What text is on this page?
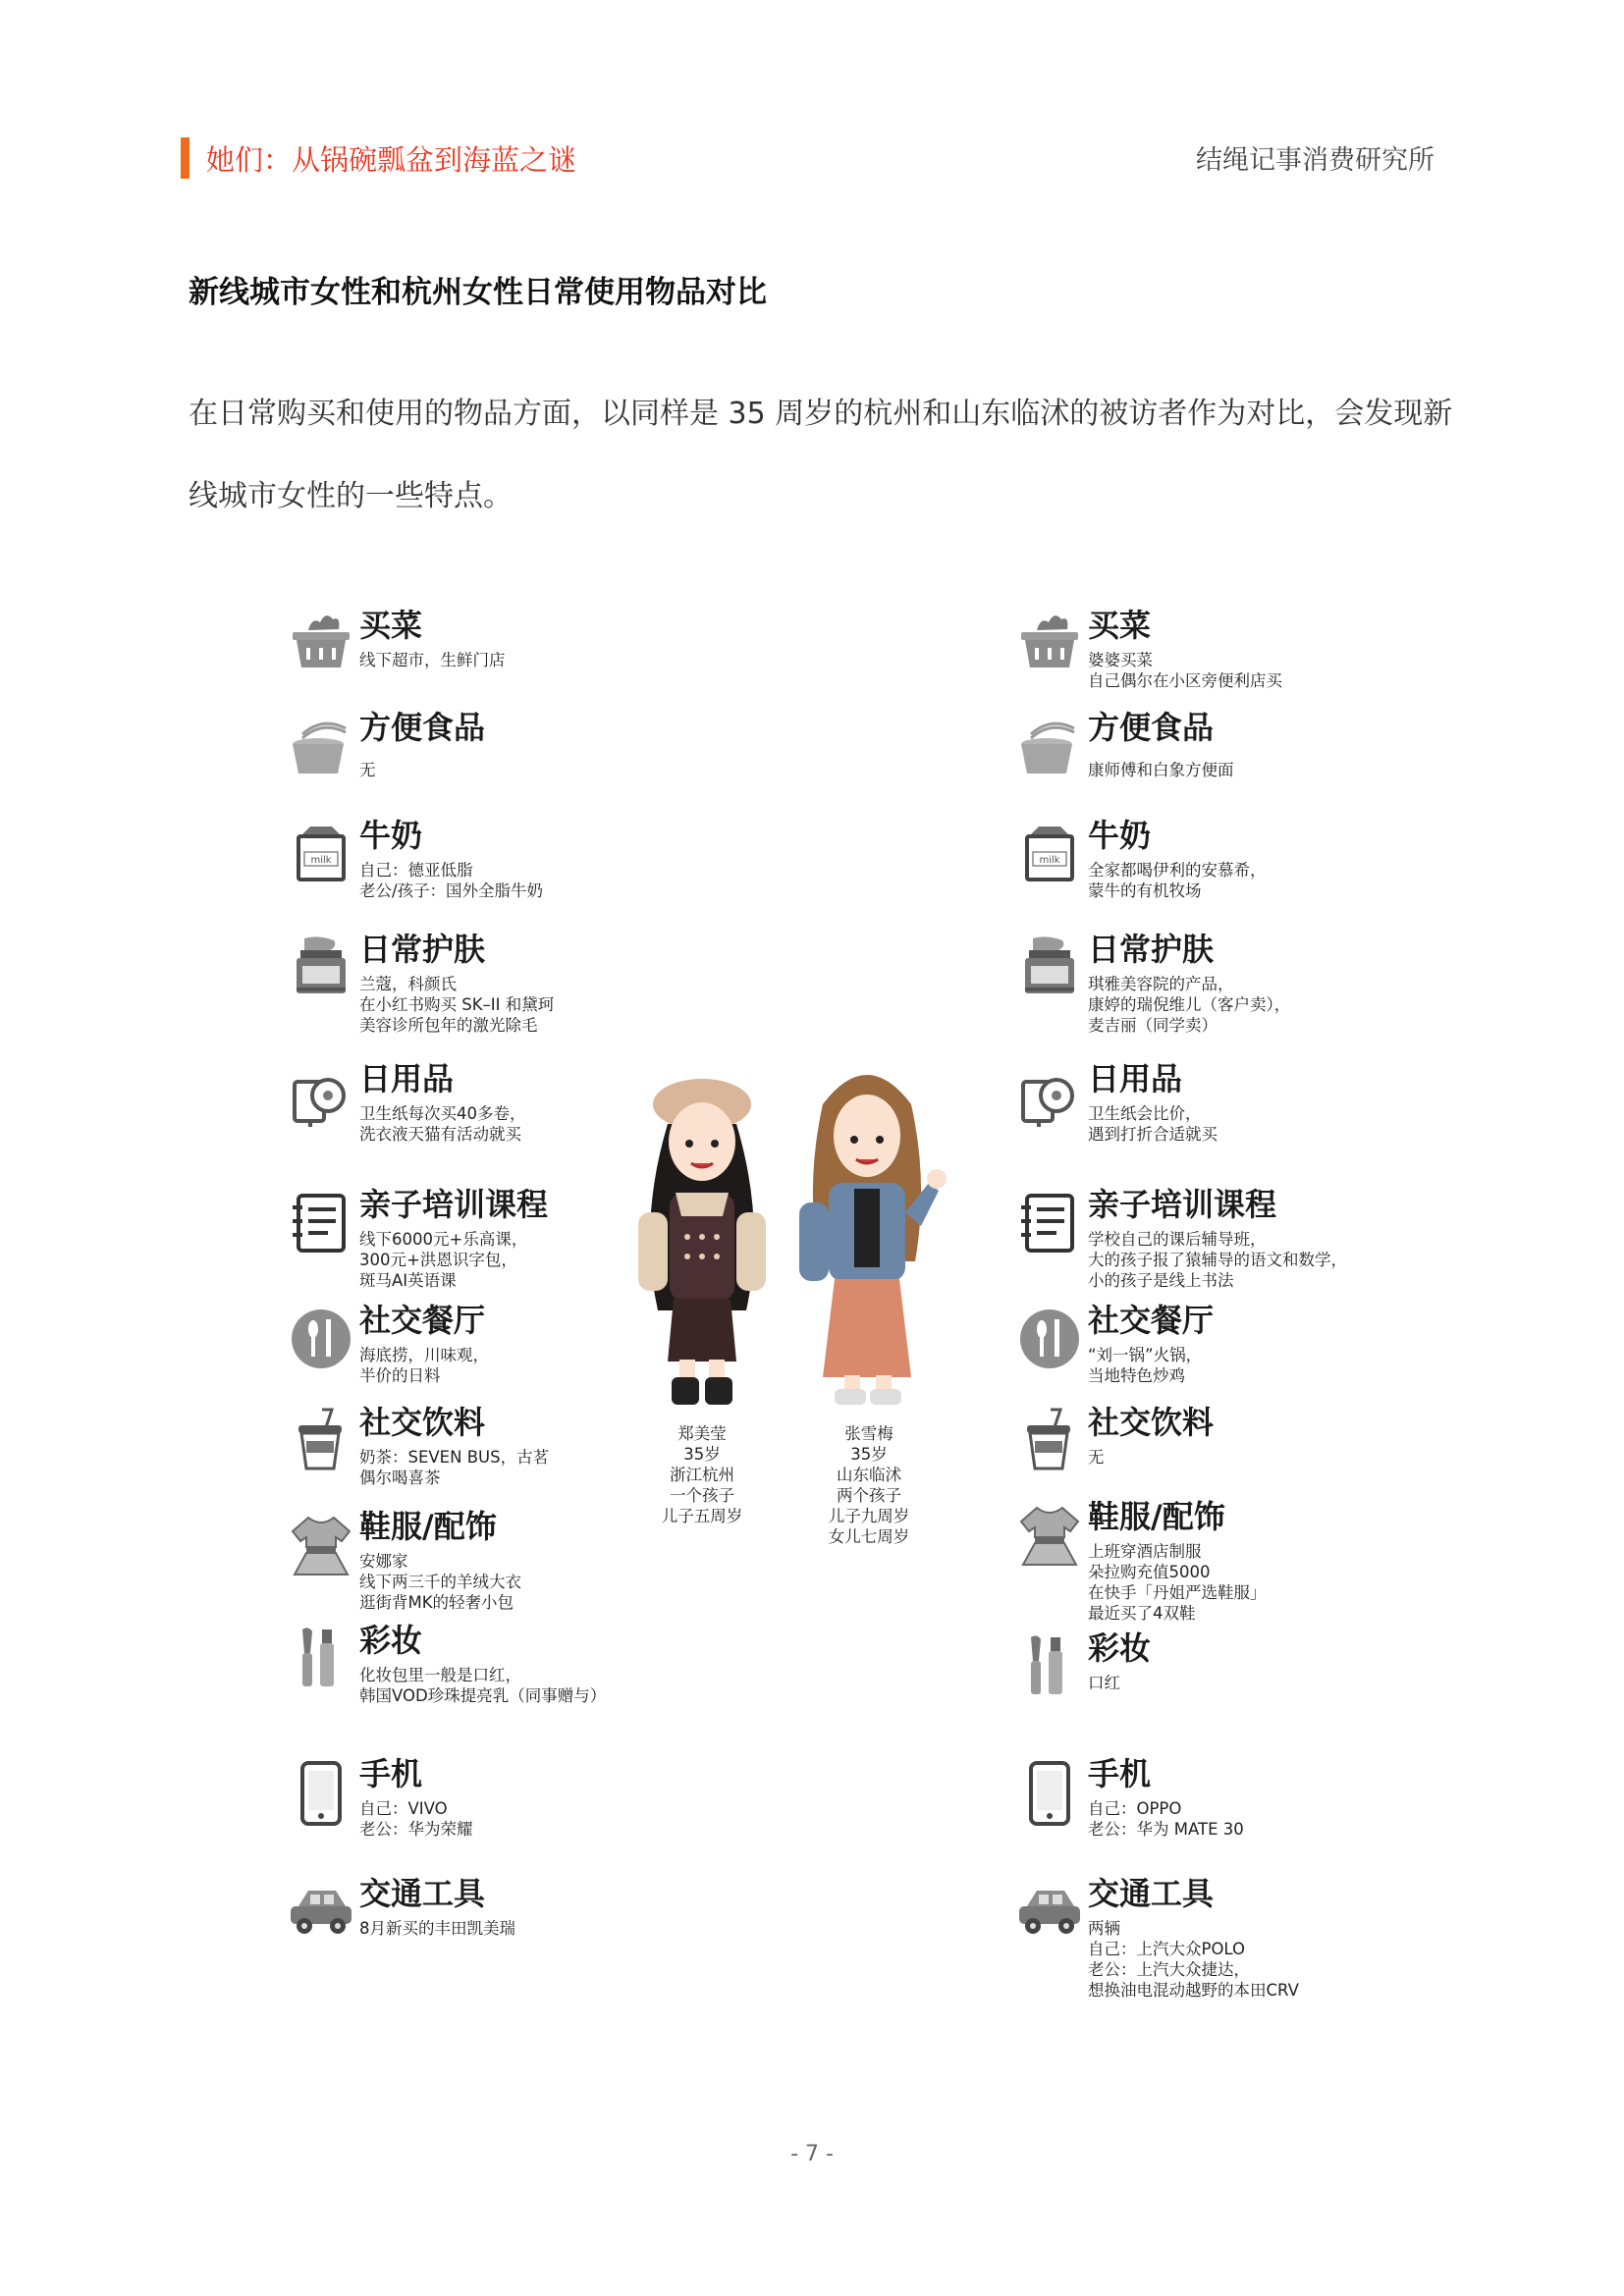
她们：从锅碗瓢盆到海蓝之谜	结绳记事消费研究所
新线城市女性和杭州女性日常使用物品对比
在日常购买和使用的物品方面，以同样是 35 周岁的杭州和山东临沭的被访者作为对比，会发现新线城市女性的一些特点。
买菜
线下超市，生鲜门店
方便食品
无
牛奶
自己：德亚低脂
老公/孩子：国外全脂牛奶
日常护肤
兰蔻，科颜氏
在小红书购买 SK–II 和黛珂
美容诊所包年的激光除毛
日用品
卫生纸每次买40多卷，
洗衣液天猫有活动就买
亲子培训课程
线下6000元+乐高课，
300元+洪恩识字包，
斑马AI英语课
社交餐厅
海底捞，川味观，
半价的日料
社交饮料
奶茶：SEVEN BUS，古茗
偶尔喝喜茶
鞋服/配饰
安娜家
线下两三千的羊绒大衣
逛街背MK的轻奢小包
彩妆
化妆包里一般是口红，
韩国VOD珍珠提亮乳（同事赠与）
手机
自己：VIVO
老公：华为荣耀
交通工具
8月新买的丰田凯美瑞
买菜
婆婆买菜
自己偶尔在小区旁便利店买
方便食品
康师傅和白象方便面
牛奶
全家都喝伊利的安慕希，
蒙牛的有机牧场
日常护肤
琪雅美容院的产品，
康婷的瑞倪维儿（客户卖），
麦吉丽（同学卖）
日用品
卫生纸会比价，
遇到打折合适就买
亲子培训课程
学校自己的课后辅导班，
大的孩子报了猿辅导的语文和数学，
小的孩子是线上书法
社交餐厅
“刘一锅”火锅，
当地特色炒鸡
社交饮料
无
鞋服/配饰
上班穿酒店制服
朵拉购充值5000
在快手「丹姐严选鞋服」
最近买了4双鞋
彩妆
口红
手机
自己：OPPO
老公：华为 MATE 30
交通工具
两辆
自己：上汽大众POLO
老公：上汽大众捷达，
想换油电混动越野的本田CRV
郑美莹
35岁
浙江杭州
一个孩子
儿子五周岁
张雪梅
35岁
山东临沭
两个孩子
儿子九周岁
女儿七周岁
- 7 -
